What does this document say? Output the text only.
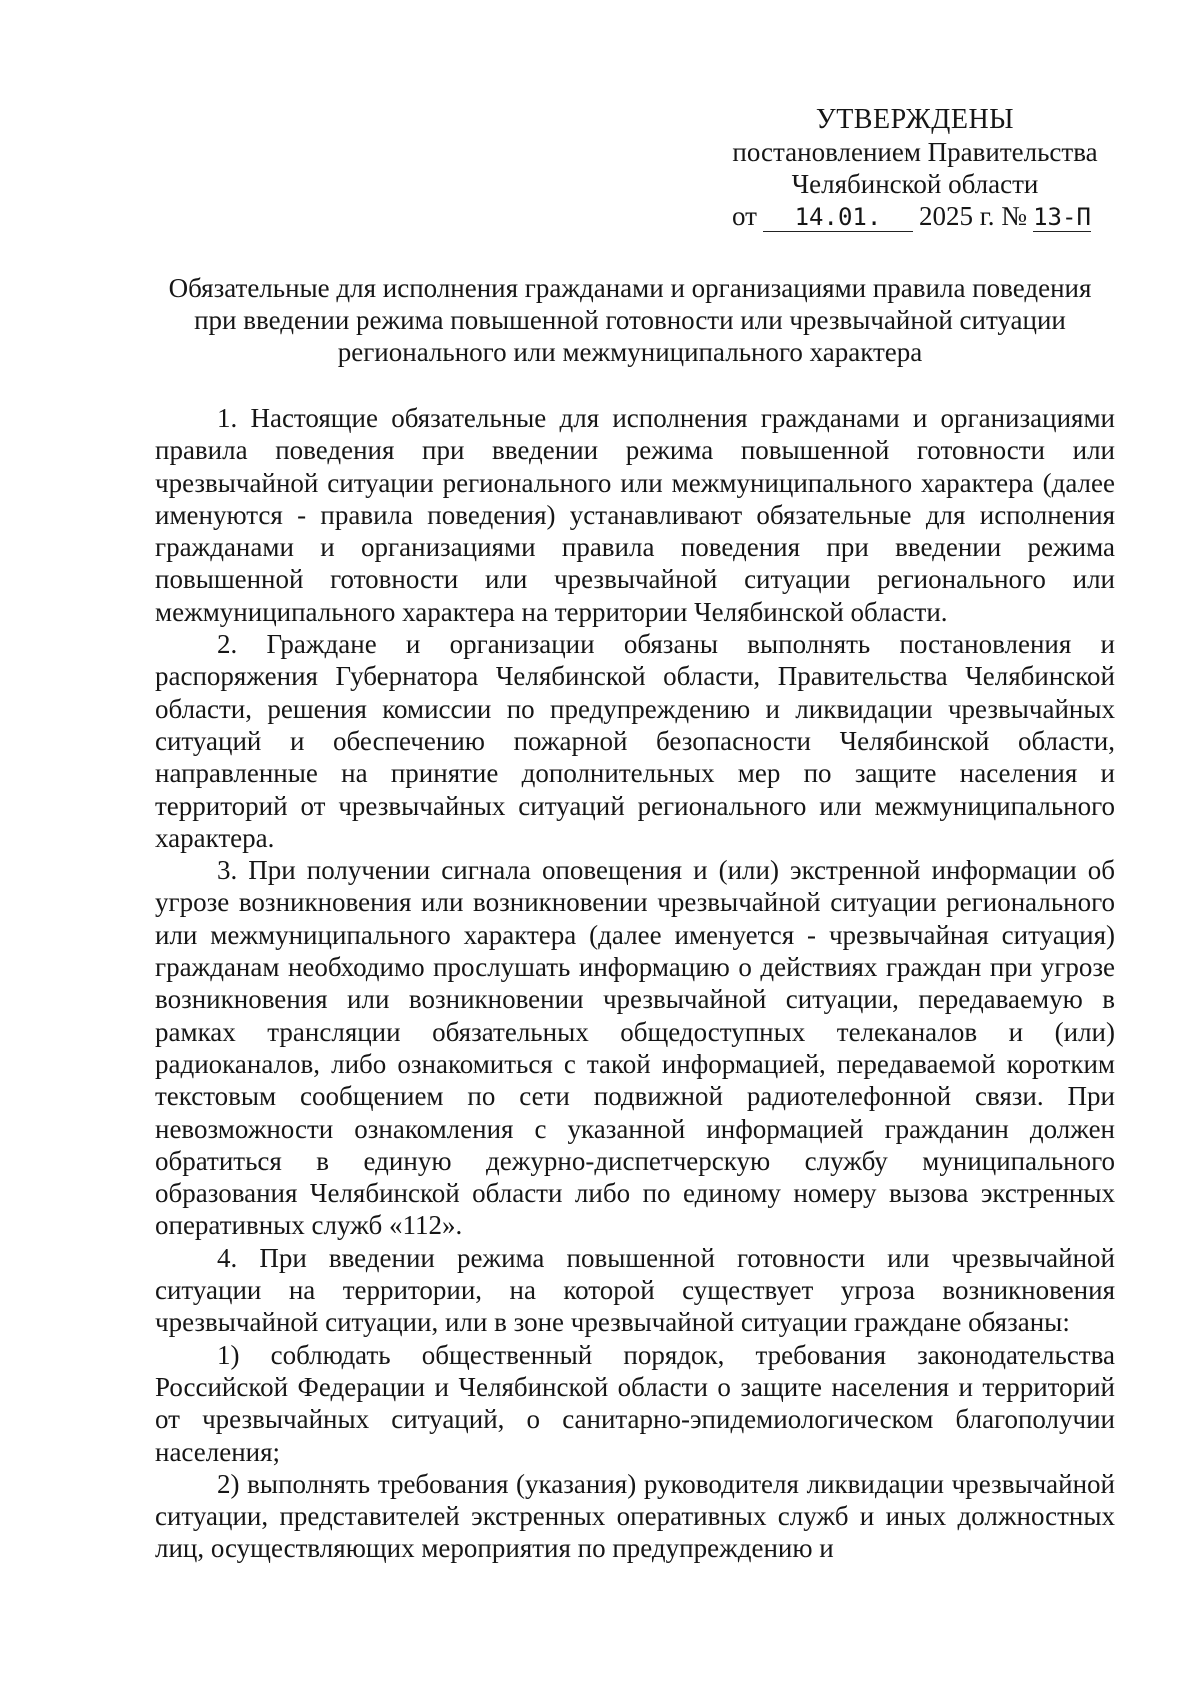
УТВЕРЖДЕНЫ
постановлением Правительства
Челябинской области
от 14.01. 2025 г. № 13-П
Обязательные для исполнения гражданами и организациями правила поведения при введении режима повышенной готовности или чрезвычайной ситуации регионального или межмуниципального характера

1. Настоящие обязательные для исполнения гражданами и организациями правила поведения при введении режима повышенной готовности или чрезвычайной ситуации регионального или межмуниципального характера (далее именуются - правила поведения) устанавливают обязательные для исполнения гражданами и организациями правила поведения при введении режима повышенной готовности или чрезвычайной ситуации регионального или межмуниципального характера на территории Челябинской области.

2. Граждане и организации обязаны выполнять постановления и распоряжения Губернатора Челябинской области, Правительства Челябинской области, решения комиссии по предупреждению и ликвидации чрезвычайных ситуаций и обеспечению пожарной безопасности Челябинской области, направленные на принятие дополнительных мер по защите населения и территорий от чрезвычайных ситуаций регионального или межмуниципального характера.

3. При получении сигнала оповещения и (или) экстренной информации об угрозе возникновения или возникновении чрезвычайной ситуации регионального или межмуниципального характера (далее именуется - чрезвычайная ситуация) гражданам необходимо прослушать информацию о действиях граждан при угрозе возникновения или возникновении чрезвычайной ситуации, передаваемую в рамках трансляции обязательных общедоступных телеканалов и (или) радиоканалов, либо ознакомиться с такой информацией, передаваемой коротким текстовым сообщением по сети подвижной радиотелефонной связи. При невозможности ознакомления с указанной информацией гражданин должен обратиться в единую дежурно-диспетчерскую службу муниципального образования Челябинской области либо по единому номеру вызова экстренных оперативных служб «112».

4. При введении режима повышенной готовности или чрезвычайной ситуации на территории, на которой существует угроза возникновения чрезвычайной ситуации, или в зоне чрезвычайной ситуации граждане обязаны:

1) соблюдать общественный порядок, требования законодательства Российской Федерации и Челябинской области о защите населения и территорий от чрезвычайных ситуаций, о санитарно-эпидемиологическом благополучии населения;

2) выполнять требования (указания) руководителя ликвидации чрезвычайной ситуации, представителей экстренных оперативных служб и иных должностных лиц, осуществляющих мероприятия по предупреждению и
